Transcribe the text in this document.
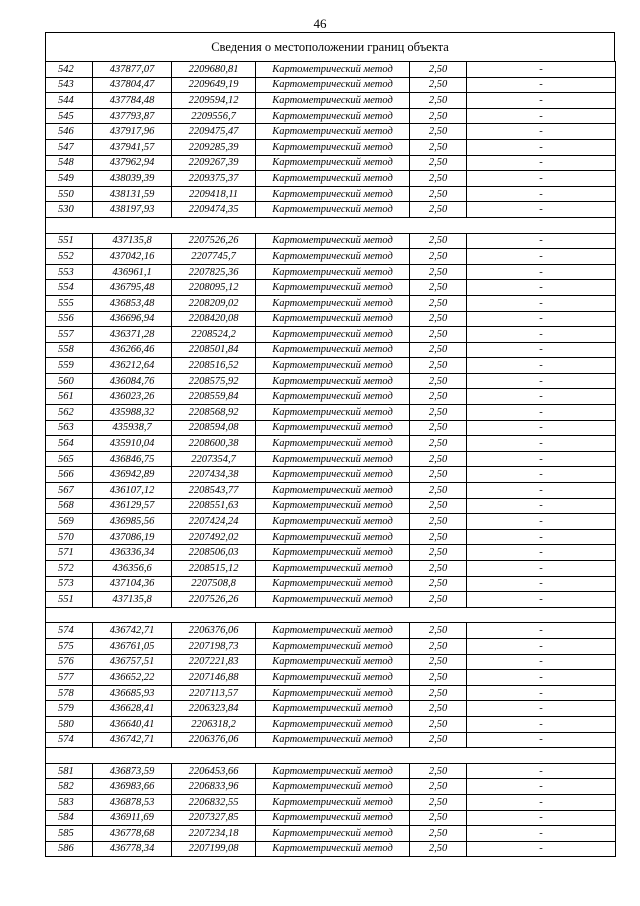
46
Сведения о местоположении границ объекта
542	437877,07	2209680,81	Картометрический метод	2,50	-
543	437804,47	2209649,19	Картометрический метод	2,50	-
544	437784,48	2209594,12	Картометрический метод	2,50	-
545	437793,87	2209556,7	Картометрический метод	2,50	-
546	437917,96	2209475,47	Картометрический метод	2,50	-
547	437941,57	2209285,39	Картометрический метод	2,50	-
548	437962,94	2209267,39	Картометрический метод	2,50	-
549	438039,39	2209375,37	Картометрический метод	2,50	-
550	438131,59	2209418,11	Картометрический метод	2,50	-
530	438197,93	2209474,35	Картометрический метод	2,50	-

551	437135,8	2207526,26	Картометрический метод	2,50	-
552	437042,16	2207745,7	Картометрический метод	2,50	-
553	436961,1	2207825,36	Картометрический метод	2,50	-
554	436795,48	2208095,12	Картометрический метод	2,50	-
555	436853,48	2208209,02	Картометрический метод	2,50	-
556	436696,94	2208420,08	Картометрический метод	2,50	-
557	436371,28	2208524,2	Картометрический метод	2,50	-
558	436266,46	2208501,84	Картометрический метод	2,50	-
559	436212,64	2208516,52	Картометрический метод	2,50	-
560	436084,76	2208575,92	Картометрический метод	2,50	-
561	436023,26	2208559,84	Картометрический метод	2,50	-
562	435988,32	2208568,92	Картометрический метод	2,50	-
563	435938,7	2208594,08	Картометрический метод	2,50	-
564	435910,04	2208600,38	Картометрический метод	2,50	-
565	436846,75	2207354,7	Картометрический метод	2,50	-
566	436942,89	2207434,38	Картометрический метод	2,50	-
567	436107,12	2208543,77	Картометрический метод	2,50	-
568	436129,57	2208551,63	Картометрический метод	2,50	-
569	436985,56	2207424,24	Картометрический метод	2,50	-
570	437086,19	2207492,02	Картометрический метод	2,50	-
571	436336,34	2208506,03	Картометрический метод	2,50	-
572	436356,6	2208515,12	Картометрический метод	2,50	-
573	437104,36	2207508,8	Картометрический метод	2,50	-
551	437135,8	2207526,26	Картометрический метод	2,50	-

574	436742,71	2206376,06	Картометрический метод	2,50	-
575	436761,05	2207198,73	Картометрический метод	2,50	-
576	436757,51	2207221,83	Картометрический метод	2,50	-
577	436652,22	2207146,88	Картометрический метод	2,50	-
578	436685,93	2207113,57	Картометрический метод	2,50	-
579	436628,41	2206323,84	Картометрический метод	2,50	-
580	436640,41	2206318,2	Картометрический метод	2,50	-
574	436742,71	2206376,06	Картометрический метод	2,50	-

581	436873,59	2206453,66	Картометрический метод	2,50	-
582	436983,66	2206833,96	Картометрический метод	2,50	-
583	436878,53	2206832,55	Картометрический метод	2,50	-
584	436911,69	2207327,85	Картометрический метод	2,50	-
585	436778,68	2207234,18	Картометрический метод	2,50	-
586	436778,34	2207199,08	Картометрический метод	2,50	-
